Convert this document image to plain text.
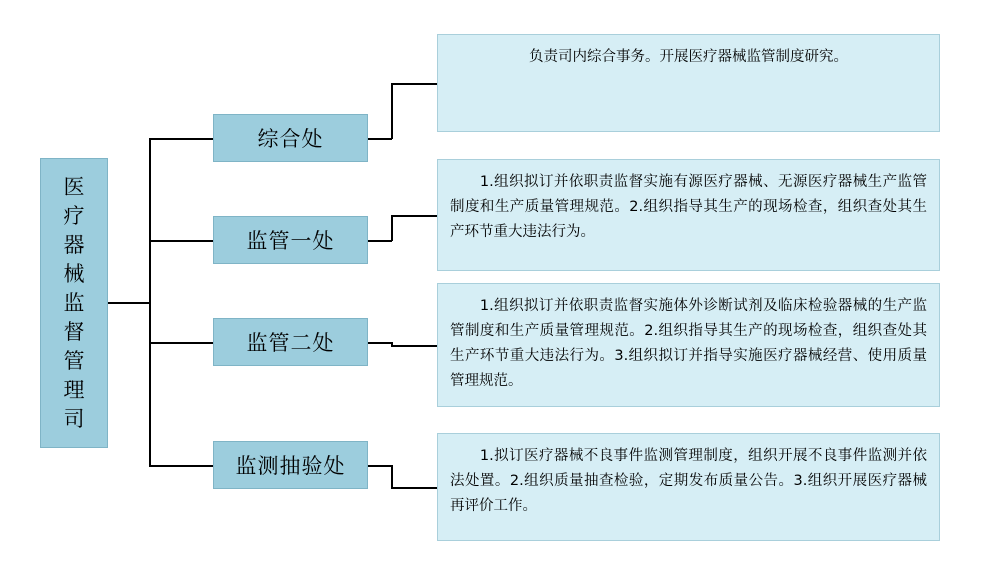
医疗器械监督管理司
综合处
监管一处
监管二处
监测抽验处
负责司内综合事务。开展医疗器械监管制度研究。
　　1.组织拟订并依职责监督实施有源医疗器械、无源医疗器械生产监管制度和生产质量管理规范。2.组织指导其生产的现场检查，组织查处其生产环节重大违法行为。
　　1.组织拟订并依职责监督实施体外诊断试剂及临床检验器械的生产监管制度和生产质量管理规范。2.组织指导其生产的现场检查，组织查处其生产环节重大违法行为。3.组织拟订并指导实施医疗器械经营、使用质量管理规范。
　　1.拟订医疗器械不良事件监测管理制度，组织开展不良事件监测并依法处置。2.组织质量抽查检验，定期发布质量公告。3.组织开展医疗器械再评价工作。
